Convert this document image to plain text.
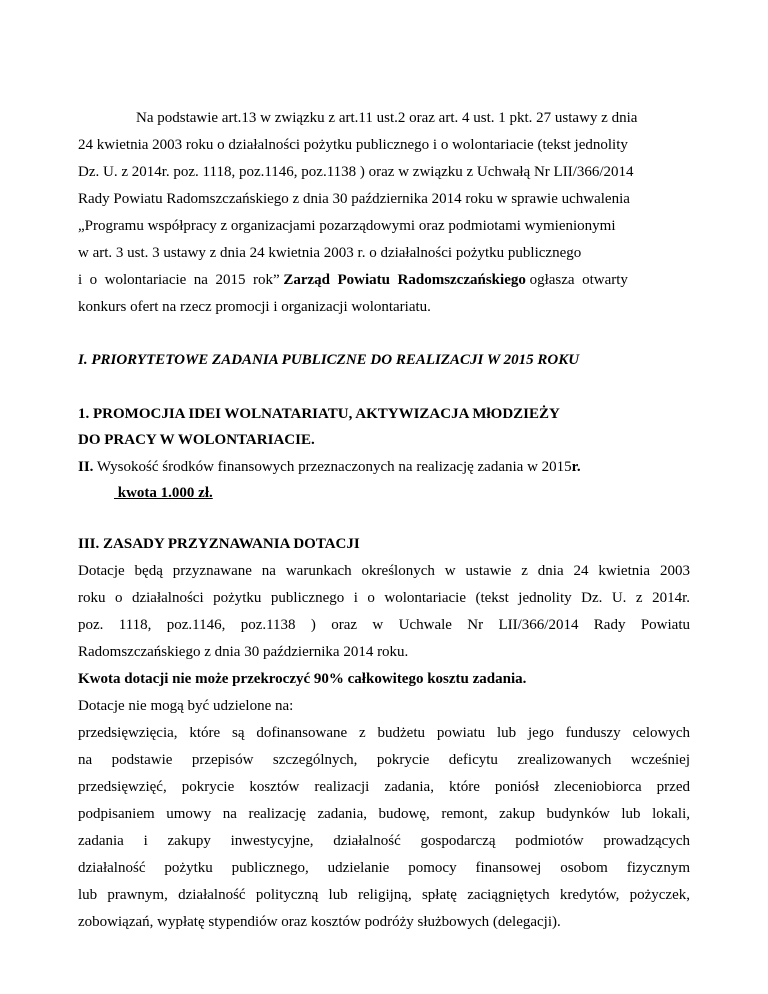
Na podstawie art.13 w związku z art.11 ust.2 oraz art. 4 ust. 1 pkt. 27 ustawy z dnia
24 kwietnia 2003 roku o działalności pożytku publicznego i o wolontariacie (tekst jednolity
Dz. U. z 2014r. poz. 1118, poz.1146, poz.1138 ) oraz w związku z Uchwałą Nr LII/366/2014
Rady Powiatu Radomszczańskiego z dnia 30 października 2014 roku w sprawie uchwalenia
„Programu współpracy z organizacjami pozarządowymi oraz podmiotami wymienionymi
w art. 3 ust. 3 ustawy z dnia 24 kwietnia 2003 r. o działalności pożytku publicznego
i  o  wolontariacie  na  2015  rok” Zarząd  Powiatu  Radomszczańskiego ogłasza  otwarty
konkurs ofert na rzecz promocji i organizacji wolontariatu.
I. PRIORYTETOWE ZADANIA PUBLICZNE DO REALIZACJI W 2015 ROKU
1. PROMOCJIA IDEI WOLNATARIATU, AKTYWIZACJA MłODZIEŻY
DO PRACY W WOLONTARIACIE.
II. Wysokość środków finansowych przeznaczonych na realizację zadania w 2015r.
kwota 1.000 zł.
III. ZASADY PRZYZNAWANIA DOTACJI
Dotacje będą przyznawane na warunkach określonych w ustawie z dnia 24 kwietnia 2003
roku o działalności pożytku publicznego i o wolontariacie (tekst jednolity Dz. U. z 2014r.
poz. 1118, poz.1146, poz.1138 ) oraz w Uchwale Nr LII/366/2014 Rady Powiatu
Radomszczańskiego z dnia 30 października 2014 roku.
Kwota dotacji nie może przekroczyć 90% całkowitego kosztu zadania.
Dotacje nie mogą być udzielone na:
przedsięwzięcia, które są dofinansowane z budżetu powiatu lub jego funduszy celowych
na podstawie przepisów szczególnych, pokrycie deficytu zrealizowanych wcześniej
przedsięwzięć, pokrycie kosztów realizacji zadania, które poniósł zleceniobiorca przed
podpisaniem umowy na realizację zadania, budowę, remont, zakup budynków lub lokali,
zadania i zakupy inwestycyjne, działalność gospodarczą podmiotów prowadzących
działalność pożytku publicznego, udzielanie pomocy finansowej osobom fizycznym
lub prawnym, działalność polityczną lub religijną, spłatę zaciągniętych kredytów, pożyczek,
zobowiązań, wypłatę stypendiów oraz kosztów podróży służbowych (delegacji).
